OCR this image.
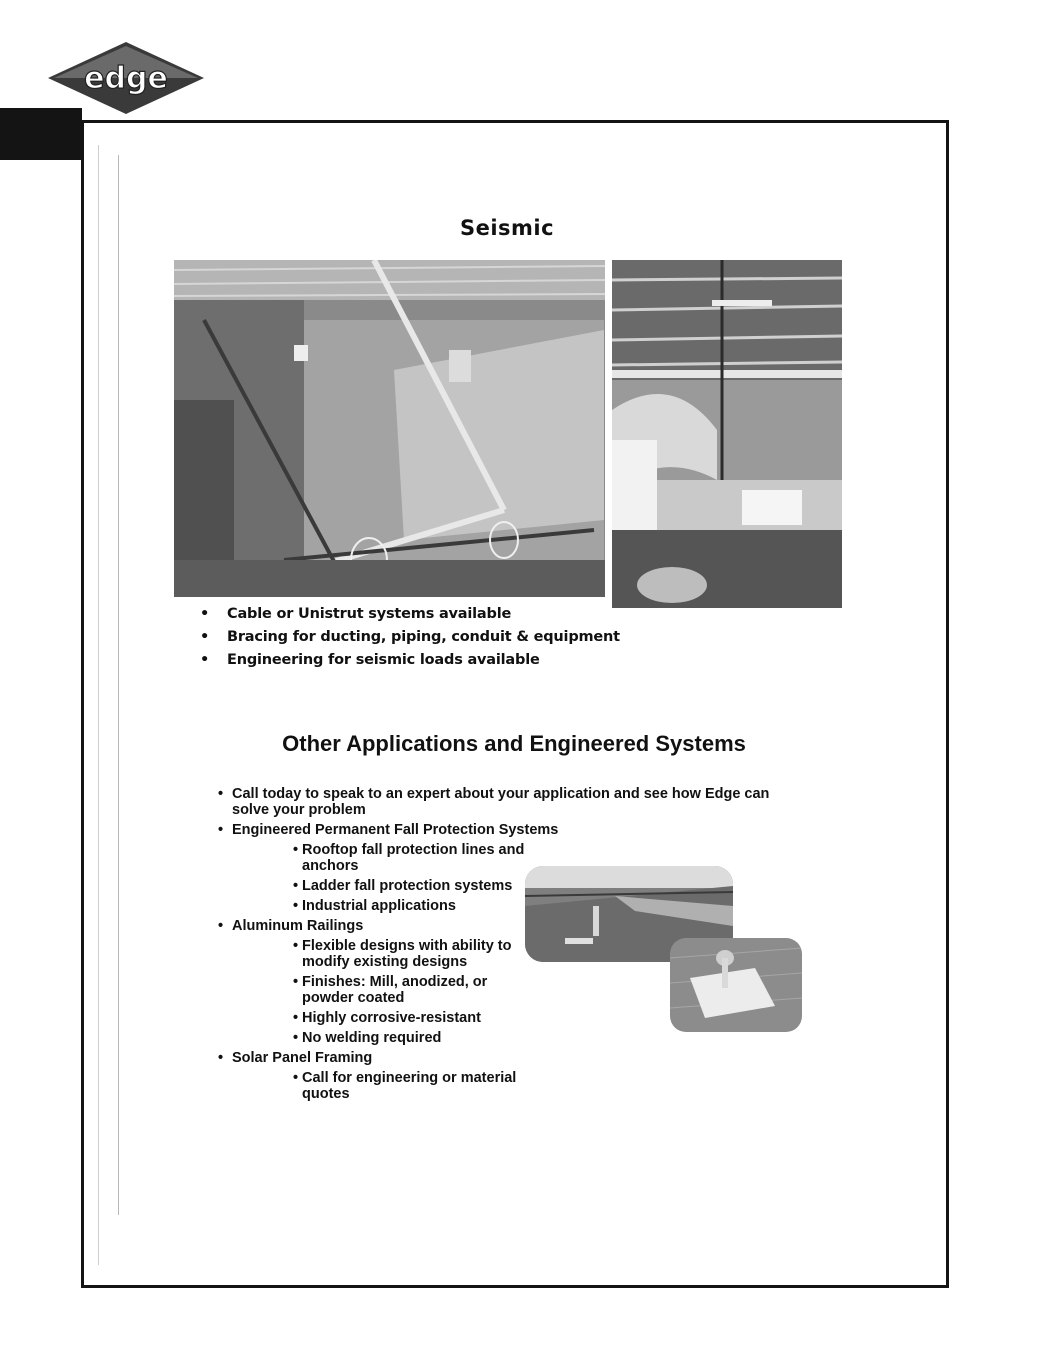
edge
Seismic
• Cable or Unistrut systems available
• Bracing for ducting, piping, conduit & equipment
• Engineering for seismic loads available
Other Applications and Engineered Systems
• Call today to speak to an expert about your application and see how Edge can solve your problem
• Engineered Permanent Fall Protection Systems
• Rooftop fall protection lines and anchors
• Ladder fall protection systems
• Industrial applications
• Aluminum Railings
• Flexible designs with ability to modify existing designs
• Finishes: Mill, anodized, or powder coated
• Highly corrosive-resistant
• No welding required
• Solar Panel Framing
• Call for engineering or material quotes
